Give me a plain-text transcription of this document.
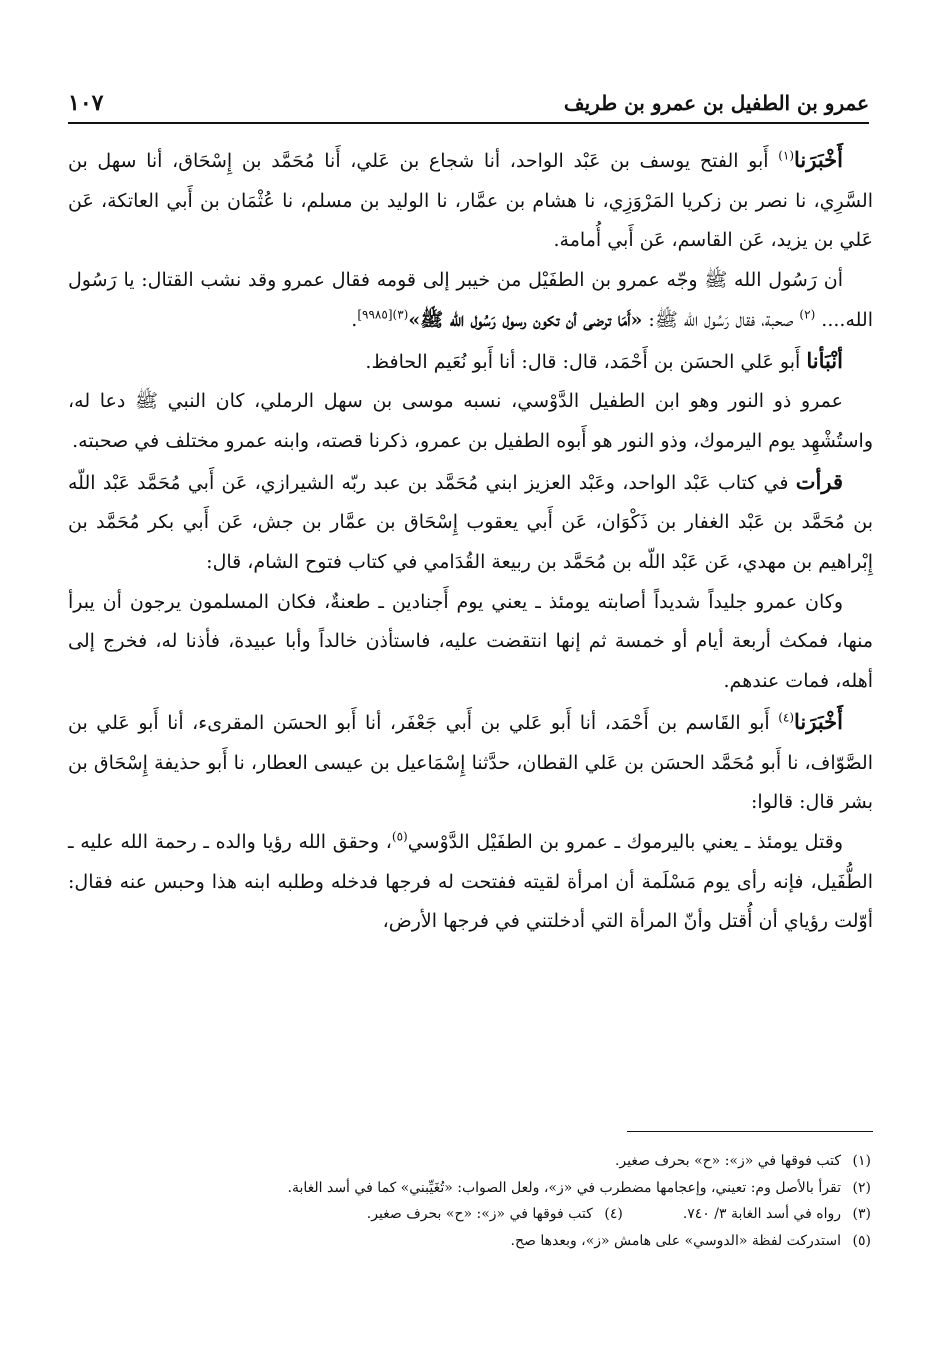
عمرو بن الطفيل بن عمرو بن طريف
١٠٧

أَخْبَرَنا$^{(١)}$ أَبو الفتح يوسف بن عَبْد الواحد، أنا شجاع بن عَلي، أَنا مُحَمَّد بن إِسْحَاق، أنا سهل بن السَّرِي، نا نصر بن زكريا المَرْوَزِي، نا هشام بن عمَّار، نا الوليد بن مسلم، نا عُثْمَان بن أَبي العاتكة، عَن عَلي بن يزيد، عَن القاسم، عَن أَبي أُمامة.

أن رَسُول الله ﷺ وجّه عمرو بن الطفَيْل من خيبر إلى قومه فقال عمرو وقد نشب القتال: يا رَسُول الله.... $^{(٢)}$ صحبة، فقال رَسُول الله ﷺ: «أَمَا ترضى أن تكون رسول رَسُول الله ﷺ»$^{(٣)[٩٩٨٥]}$.

أنْبَأنا أَبو عَلي الحسَن بن أَحْمَد، قال: قال: أنا أَبو نُعَيم الحافظ.

عمرو ذو النور وهو ابن الطفيل الدَّوْسي، نسبه موسى بن سهل الرملي، كان النبي ﷺ دعا له، واستُشْهِد يوم اليرموك، وذو النور هو أَبوه الطفيل بن عمرو، ذكرنا قصته، وابنه عمرو مختلف في صحبته.

قرأت في كتاب عَبْد الواحد، وعَبْد العزيز ابني مُحَمَّد بن عبد ربّه الشيرازي، عَن أَبي مُحَمَّد عَبْد اللّه بن مُحَمَّد بن عَبْد الغفار بن ذَكْوَان، عَن أَبي يعقوب إِسْحَاق بن عمَّار بن جش، عَن أَبي بكر مُحَمَّد بن إِبْراهيم بن مهدي، عَن عَبْد اللّه بن مُحَمَّد بن ربيعة القُدَامي في كتاب فتوح الشام، قال:

وكان عمرو جليداً شديداً أصابته يومئذ ـ يعني يوم أَجنادين ـ طعنةٌ، فكان المسلمون يرجون أن يبرأ منها، فمكث أربعة أيام أو خمسة ثم إنها انتقضت عليه، فاستأذن خالداً وأبا عبيدة، فأذنا له، فخرج إلى أهله، فمات عندهم.

أَخْبَرَنا$^{(٤)}$ أَبو القَاسم بن أَحْمَد، أنا أَبو عَلي بن أَبي جَعْفَر، أنا أَبو الحسَن المقرىء، أنا أَبو عَلي بن الصَّوّاف، نا أَبو مُحَمَّد الحسَن بن عَلي القطان، حدَّثنا إِسْمَاعيل بن عيسى العطار، نا أَبو حذيفة إِسْحَاق بن بشر قال: قالوا:

وقتل يومئذ ـ يعني باليرموك ـ عمرو بن الطفَيْل الدَّوْسي$^{(٥)}$، وحقق الله رؤيا والده ـ رحمة الله عليه ـ الطُّفَيل، فإنه رأى يوم مَسْلَمة أن امرأة لقيته ففتحت له فرجها فدخله وطلبه ابنه هذا وحبس عنه فقال: أوّلت رؤياي أن أُقتل وأنّ المرأة التي أدخلتني في فرجها الأرض،

(١)كتب فوقها في «ز»: «ح» بحرف صغير.

(٢)تقرأ بالأصل وم: تعيني، وإعجامها مضطرب في «ز»، ولعل الصواب: «تُغَيِّبني» كما في أسد الغابة.

(٣)رواه في أسد الغابة ٣/ ٧٤٠.

(٤)كتب فوقها في «ز»: «ح» بحرف صغير.

(٥)استدركت لفظة «الدوسي» على هامش «ز»، وبعدها صح.
